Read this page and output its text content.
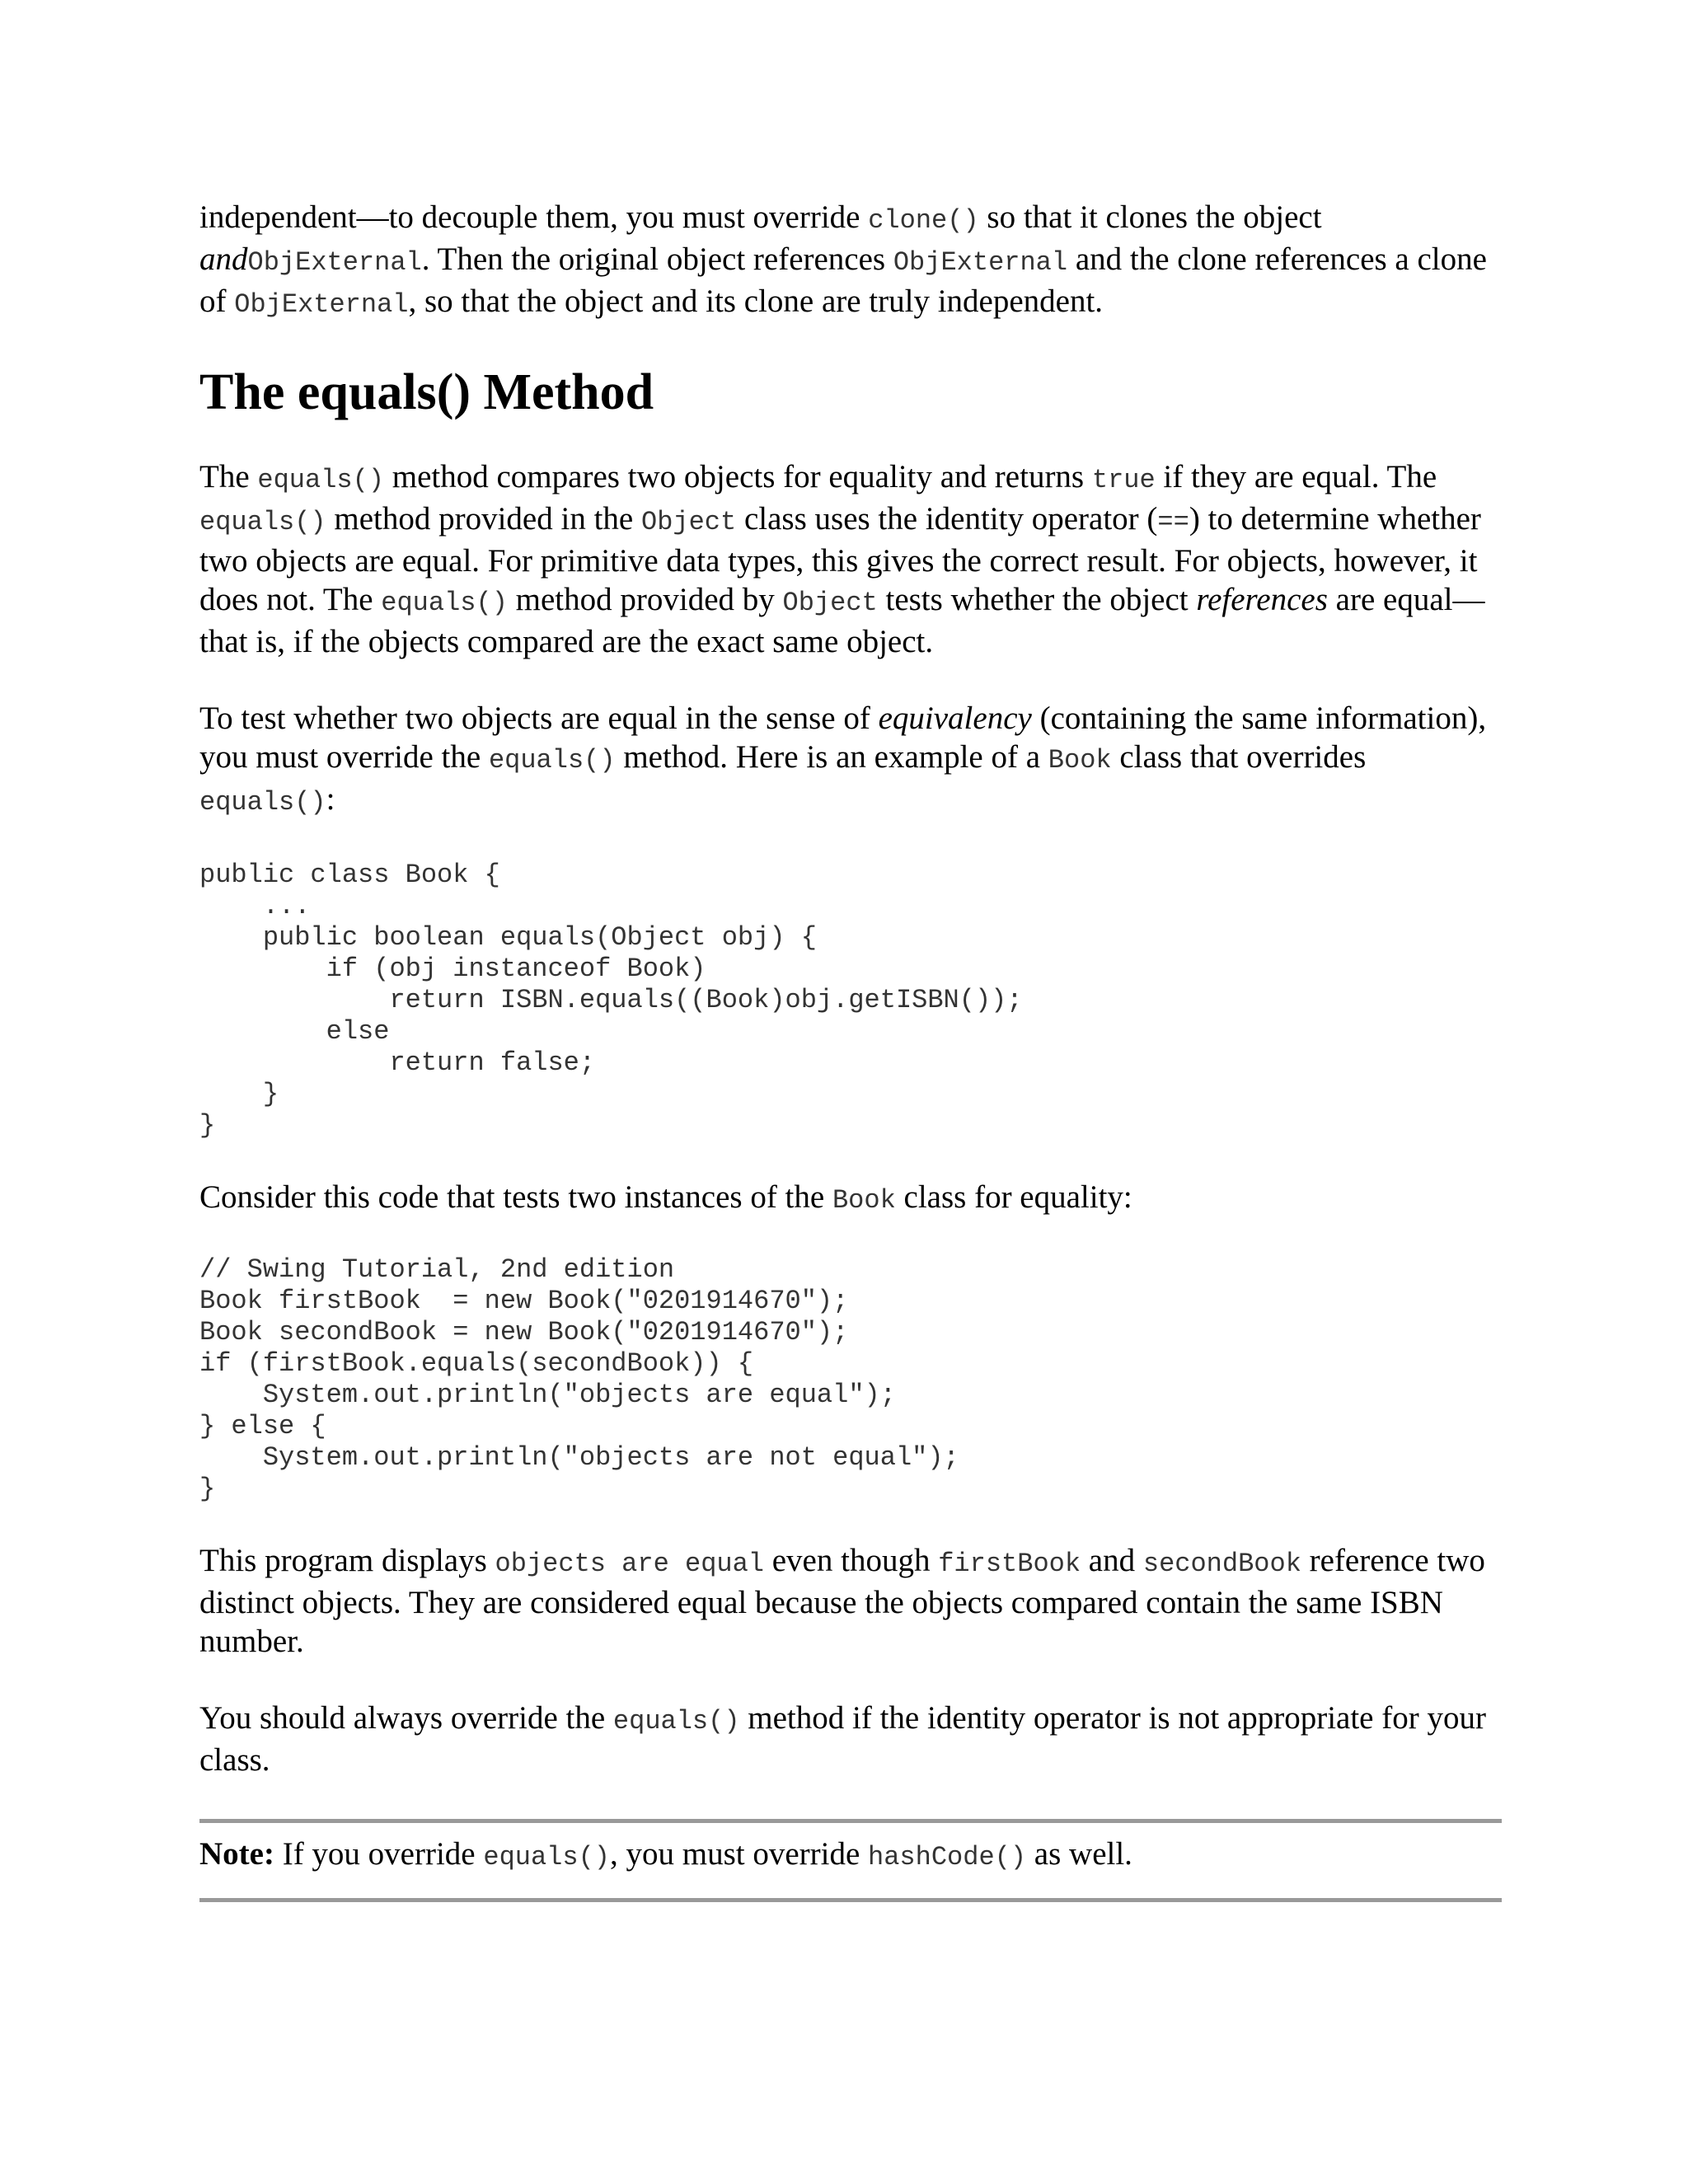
independent—to decouple them, you must override clone() so that it clones the object andObjExternal. Then the original object references ObjExternal and the clone references a clone of ObjExternal, so that the object and its clone are truly independent.

The equals() Method

The equals() method compares two objects for equality and returns true if they are equal. The equals() method provided in the Object class uses the identity operator (==) to determine whether two objects are equal. For primitive data types, this gives the correct result. For objects, however, it does not. The equals() method provided by Object tests whether the object references are equal—that is, if the objects compared are the exact same object.

To test whether two objects are equal in the sense of equivalency (containing the same information), you must override the equals() method. Here is an example of a Book class that overrides equals():

public class Book {
...
public boolean equals(Object obj) {
if (obj instanceof Book)
return ISBN.equals((Book)obj.getISBN());
else
return false;
}
}

Consider this code that tests two instances of the Book class for equality:

// Swing Tutorial, 2nd edition
Book firstBook  = new Book("0201914670");
Book secondBook = new Book("0201914670");
if (firstBook.equals(secondBook)) {
System.out.println("objects are equal");
} else {
System.out.println("objects are not equal");
}

This program displays objects are equal even though firstBook and secondBook reference two distinct objects. They are considered equal because the objects compared contain the same ISBN number.

You should always override the equals() method if the identity operator is not appropriate for your class.

Note: If you override equals(), you must override hashCode() as well.
